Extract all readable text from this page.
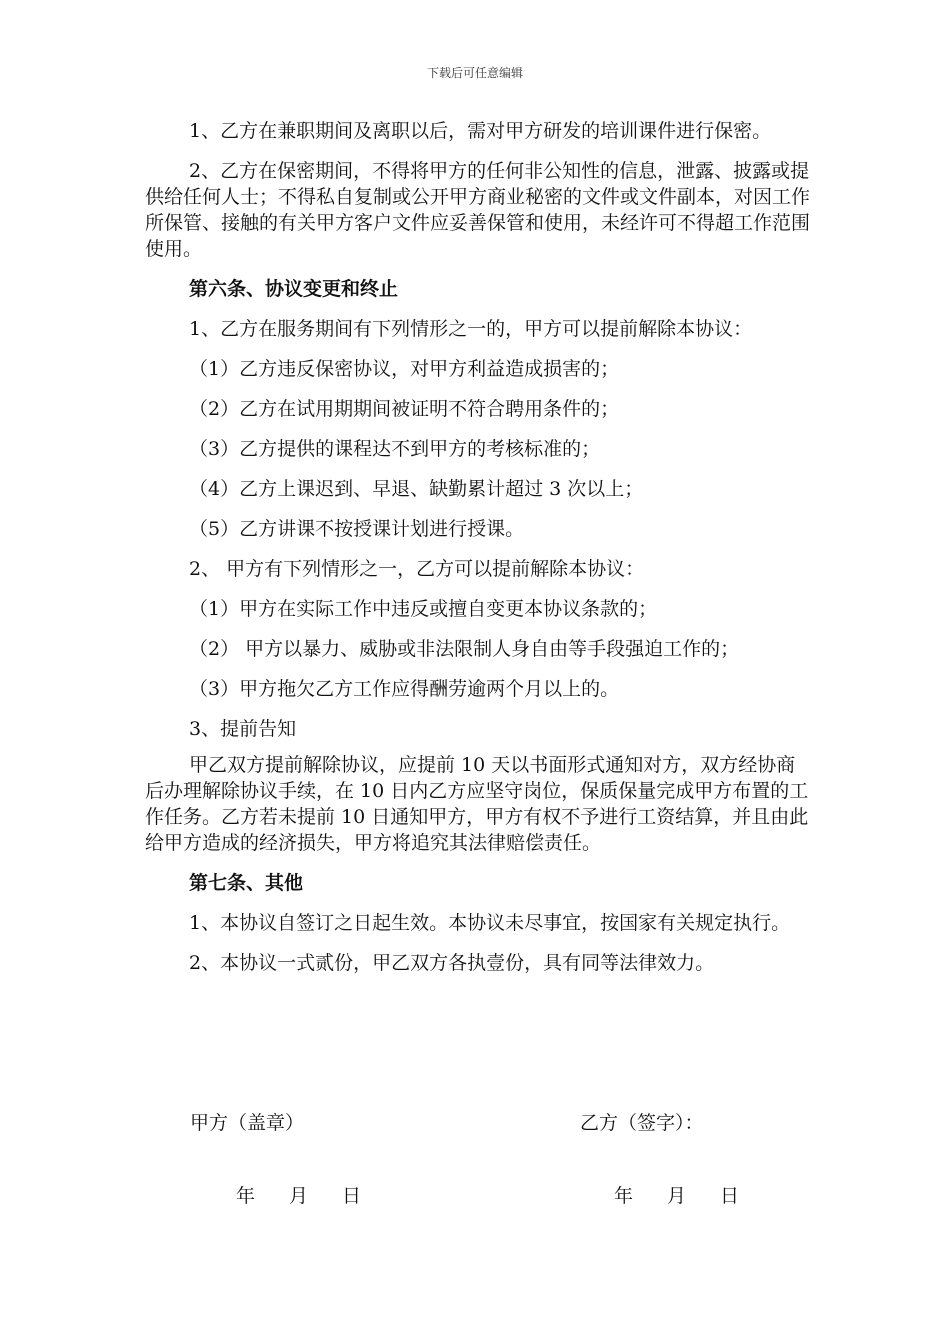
下载后可任意编辑

1、乙方在兼职期间及离职以后，需对甲方研发的培训课件进行保密。

2、乙方在保密期间，不得将甲方的任何非公知性的信息，泄露、披露或提供给任何人士；不得私自复制或公开甲方商业秘密的文件或文件副本，对因工作所保管、接触的有关甲方客户文件应妥善保管和使用，未经许可不得超工作范围使用。

第六条、协议变更和终止

1、乙方在服务期间有下列情形之一的，甲方可以提前解除本协议：

（1）乙方违反保密协议，对甲方利益造成损害的；

（2）乙方在试用期期间被证明不符合聘用条件的；

（3）乙方提供的课程达不到甲方的考核标准的；

（4）乙方上课迟到、早退、缺勤累计超过 3 次以上；

（5）乙方讲课不按授课计划进行授课。

2、 甲方有下列情形之一，乙方可以提前解除本协议：

（1）甲方在实际工作中违反或擅自变更本协议条款的；

（2） 甲方以暴力、威胁或非法限制人身自由等手段强迫工作的；

（3）甲方拖欠乙方工作应得酬劳逾两个月以上的。

3、提前告知

甲乙双方提前解除协议，应提前 10 天以书面形式通知对方，双方经协商后办理解除协议手续，在 10 日内乙方应坚守岗位，保质保量完成甲方布置的工作任务。乙方若未提前 10 日通知甲方，甲方有权不予进行工资结算，并且由此给甲方造成的经济损失，甲方将追究其法律赔偿责任。

第七条、其他

1、本协议自签订之日起生效。本协议未尽事宜，按国家有关规定执行。

2、本协议一式贰份，甲乙双方各执壹份，具有同等法律效力。

甲方（盖章）	乙方（签字）：
年 月 日	年 月 日
